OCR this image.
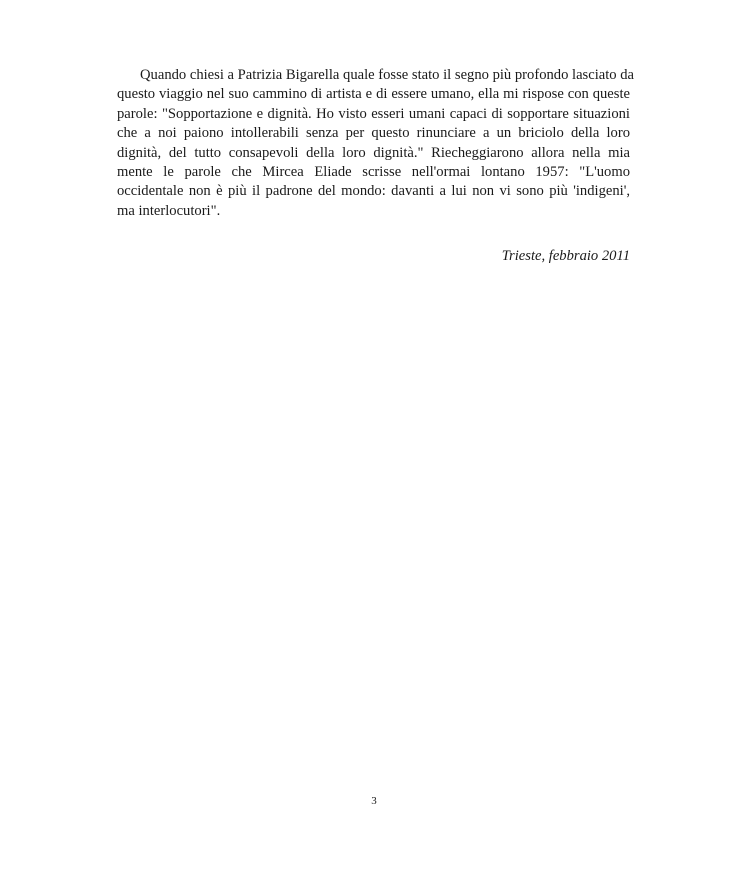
Quando chiesi a Patrizia Bigarella quale fosse stato il segno più profondo lasciato da
questo viaggio nel suo cammino di artista e di essere umano, ella mi rispose con queste
parole: "Sopportazione e dignità. Ho visto esseri umani capaci di sopportare situazioni
che a noi paiono intollerabili senza per questo rinunciare a un briciolo della loro
dignità, del tutto consapevoli della loro dignità." Riecheggiarono allora nella mia
mente le parole che Mircea Eliade scrisse nell'ormai lontano 1957: "L'uomo
occidentale non è più il padrone del mondo: davanti a lui non vi sono più 'indigeni',
ma interlocutori".

Trieste, febbraio 2011

3
